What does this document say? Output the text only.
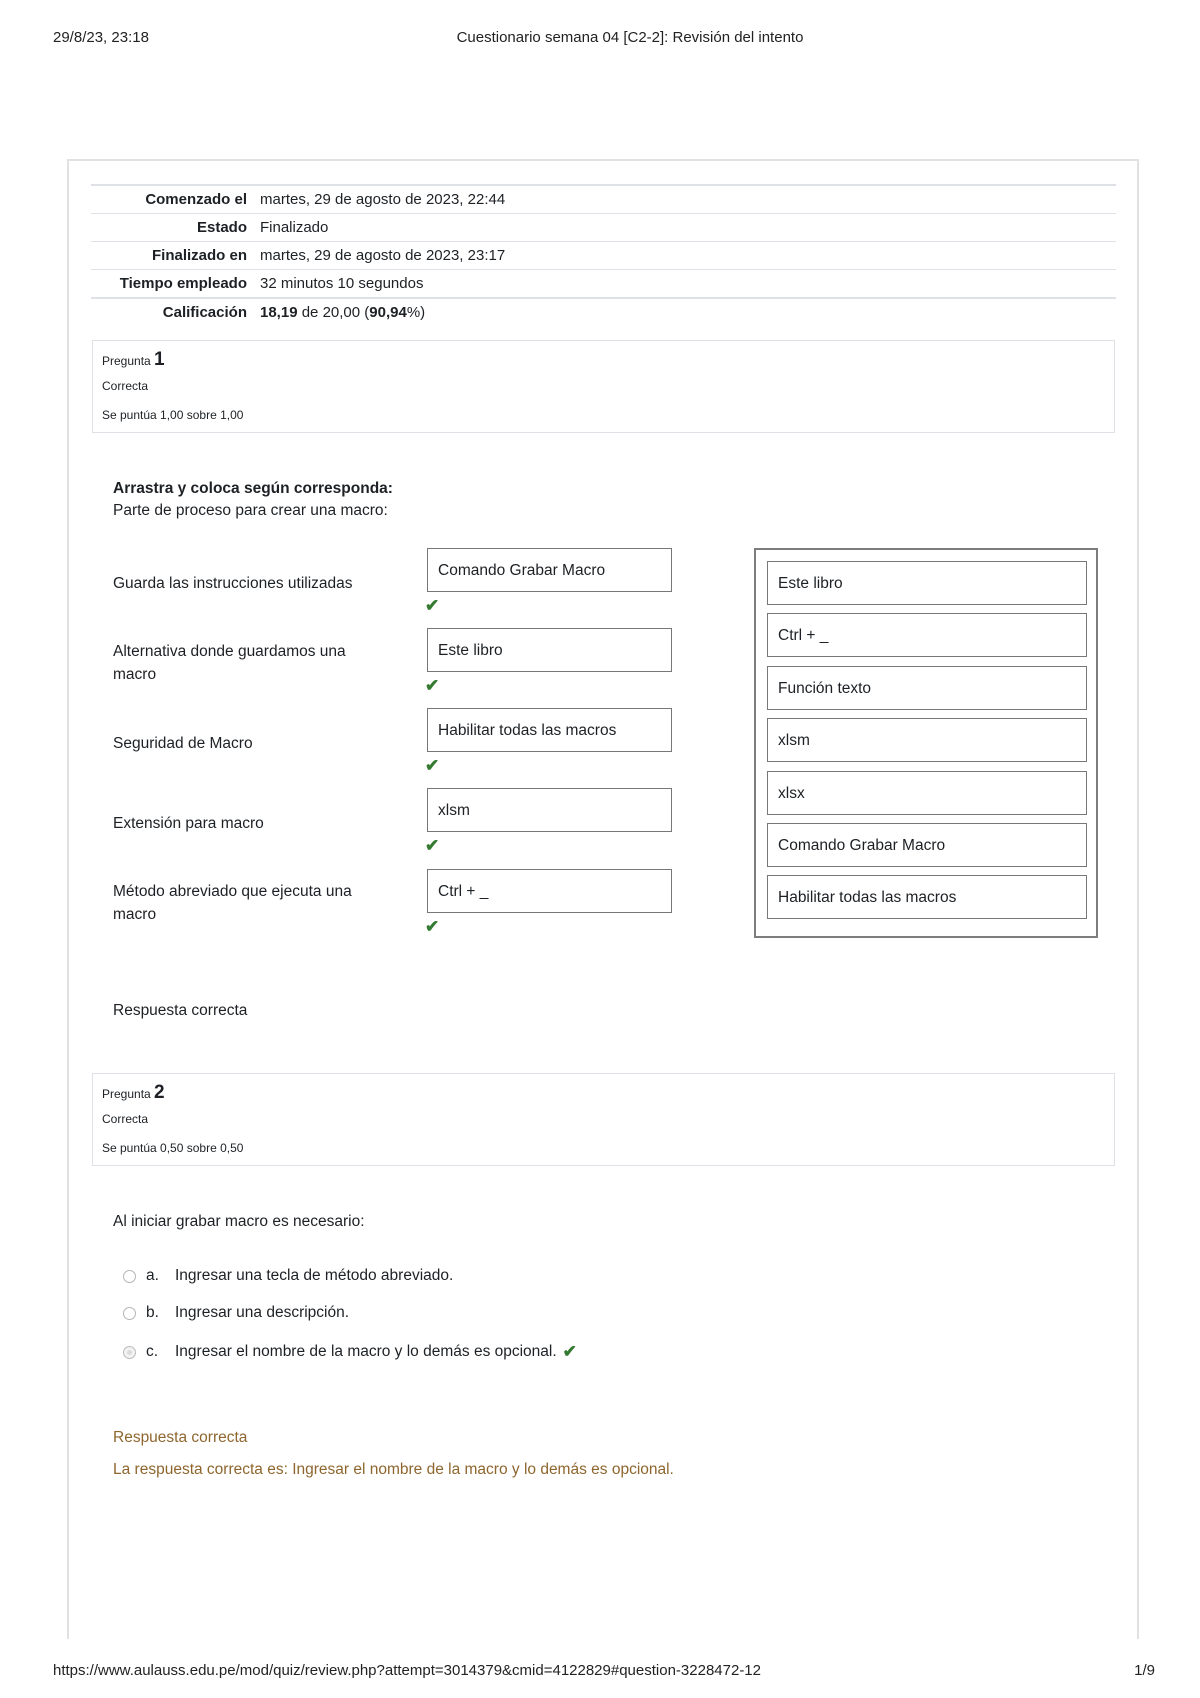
29/8/23, 23:18	Cuestionario semana 04 [C2-2]: Revisión del intento
Comenzado el martes, 29 de agosto de 2023, 22:44
Estado Finalizado
Finalizado en martes, 29 de agosto de 2023, 23:17
Tiempo empleado 32 minutos 10 segundos
Calificación 18,19 de 20,00 (90,94%)
Pregunta 1
Correcta
Se puntúa 1,00 sobre 1,00
Arrastra y coloca según corresponda:
Parte de proceso para crear una macro:
Guarda las instrucciones utilizadas
Comando Grabar Macro
✔
Alternativa donde guardamos una macro
Este libro
✔
Seguridad de Macro
Habilitar todas las macros
✔
Extensión para macro
xlsm
✔
Método abreviado que ejecuta una macro
Ctrl + _
✔
Este libro
Ctrl + _
Función texto
xlsm
xlsx
Comando Grabar Macro
Habilitar todas las macros
Respuesta correcta
Pregunta 2
Correcta
Se puntúa 0,50 sobre 0,50
Al iniciar grabar macro es necesario:
a.	Ingresar una tecla de método abreviado.
b.	Ingresar una descripción.
c.	Ingresar el nombre de la macro y lo demás es opcional. ✔
Respuesta correcta
La respuesta correcta es: Ingresar el nombre de la macro y lo demás es opcional.
https://www.aulauss.edu.pe/mod/quiz/review.php?attempt=3014379&cmid=4122829#question-3228472-12	1/9
